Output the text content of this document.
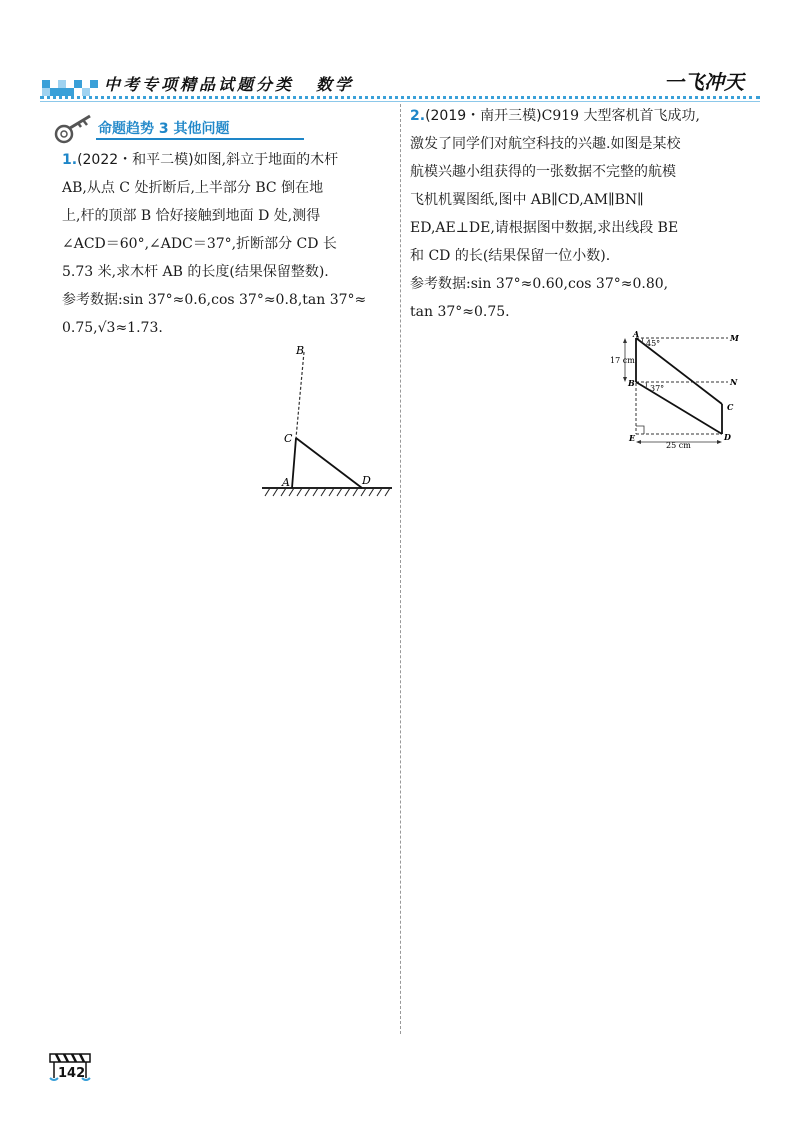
中考专项精品试题分类 数学	一飞冲天
命题趋势 3 其他问题

1.(2022・和平二模)如图,斜立于地面的木杆

AB,从点 C 处折断后,上半部分 BC 倒在地

上,杆的顶部 B 恰好接触到地面 D 处,测得

∠ACD＝60°,∠ADC＝37°,折断部分 CD 长

5.73 米,求木杆 AB 的长度(结果保留整数).

参考数据:sin 37°≈0.6,cos 37°≈0.8,tan 37°≈

0.75,√3≈1.73.

B
C
A	D

2.(2019・南开三模)C919 大型客机首飞成功,

激发了同学们对航空科技的兴趣.如图是某校

航模兴趣小组获得的一张数据不完整的航模

飞机机翼图纸,图中 AB∥CD,AM∥BN∥

ED,AE⊥DE,请根据图中数据,求出线段 BE

和 CD 的长(结果保留一位小数).

参考数据:sin 37°≈0.60,cos 37°≈0.80,

tan 37°≈0.75.

A	M
B	N
C
D
E
45°
37°
17 cm
25 cm
142
